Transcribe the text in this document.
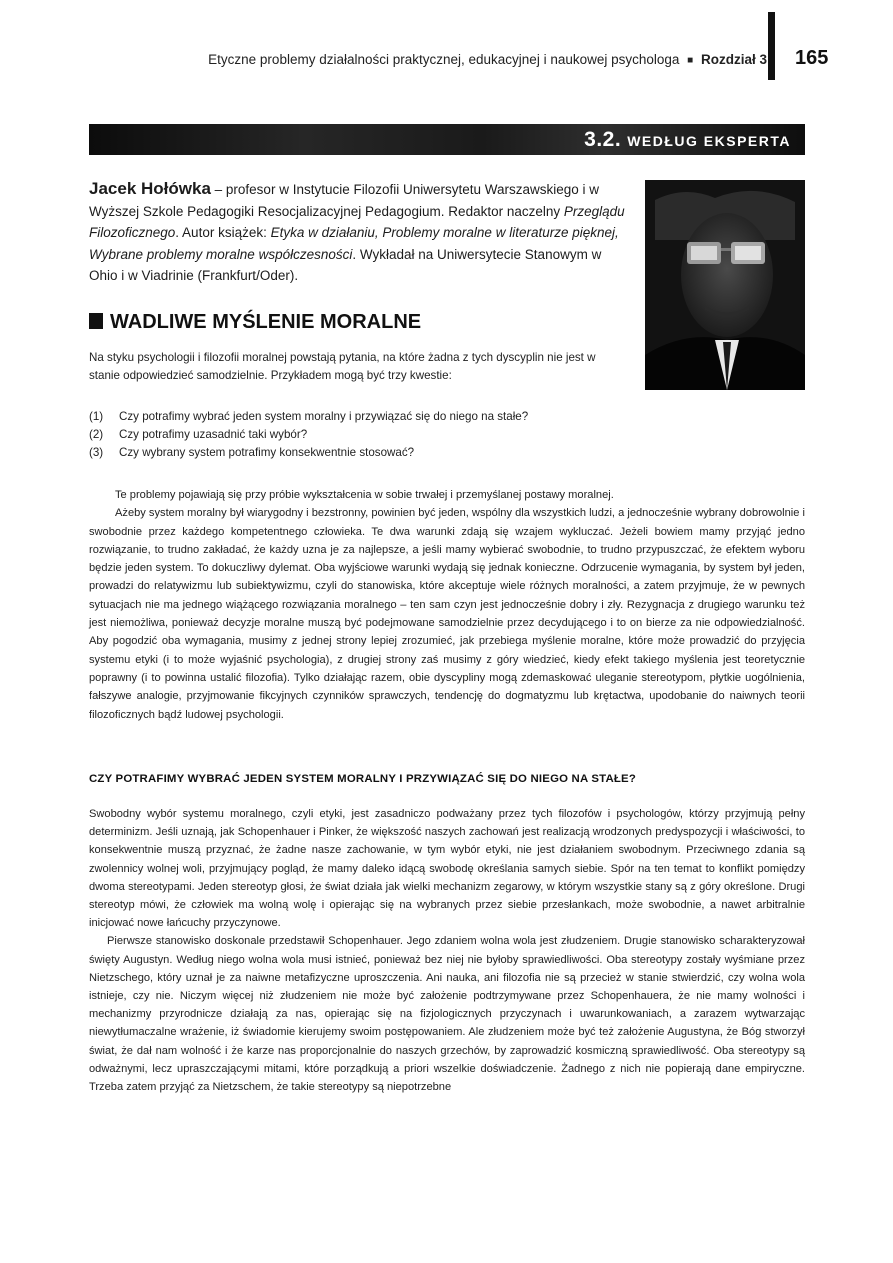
Etyczne problemy działalności praktycznej, edukacyjnej i naukowej psychologa ■ Rozdział 3 165
3.2. WEDŁUG EKSPERTA
Jacek Hołówka – profesor w Instytucie Filozofii Uniwersytetu Warszawskiego i w Wyższej Szkole Pedagogiki Resocjalizacyjnej Pedagogium. Redaktor naczelny Przeglądu Filozoficznego. Autor książek: Etyka w działaniu, Problemy moralne w literaturze pięknej, Wybrane problemy moralne współczesności. Wykładał na Uniwersytecie Stanowym w Ohio i w Viadrinie (Frankfurt/Oder).
WADLIWE MYŚLENIE MORALNE
Na styku psychologii i filozofii moralnej powstają pytania, na które żadna z tych dyscyplin nie jest w stanie odpowiedzieć samodzielnie. Przykładem mogą być trzy kwestie:
(1)	Czy potrafimy wybrać jeden system moralny i przywiązać się do niego na stałe?
(2)	Czy potrafimy uzasadnić taki wybór?
(3)	Czy wybrany system potrafimy konsekwentnie stosować?

Te problemy pojawiają się przy próbie wykształcenia w sobie trwałej i przemyślanej postawy moralnej.

Ażeby system moralny był wiarygodny i bezstronny, powinien być jeden, wspólny dla wszystkich ludzi, a jednocześnie wybrany dobrowolnie i swobodnie przez każdego kompetentnego człowieka. Te dwa warunki zdają się wzajem wykluczać. Jeżeli bowiem mamy przyjąć jedno rozwiązanie, to trudno zakładać, że każdy uzna je za najlepsze, a jeśli mamy wybierać swobodnie, to trudno przypuszczać, że efektem wyboru będzie jeden system. To dokuczliwy dylemat. Oba wyjściowe warunki wydają się jednak konieczne. Odrzucenie wymagania, by system był jeden, prowadzi do relatywizmu lub subiektywizmu, czyli do stanowiska, które akceptuje wiele różnych moralności, a zatem przyjmuje, że w pewnych sytuacjach nie ma jednego wiążącego rozwiązania moralnego – ten sam czyn jest jednocześnie dobry i zły. Rezygnacja z drugiego warunku też jest niemożliwa, ponieważ decyzje moralne muszą być podejmowane samodzielnie przez decydującego i to on bierze za nie odpowiedzialność. Aby pogodzić oba wymagania, musimy z jednej strony lepiej zrozumieć, jak przebiega myślenie moralne, które może prowadzić do przyjęcia systemu etyki (i to może wyjaśnić psychologia), z drugiej strony zaś musimy z góry wiedzieć, kiedy efekt takiego myślenia jest teoretycznie poprawny (i to powinna ustalić filozofia). Tylko działając razem, obie dyscypliny mogą zdemaskować uleganie stereotypom, płytkie uogólnienia, fałszywe analogie, przyjmowanie fikcyjnych czynników sprawczych, tendencję do dogmatyzmu lub krętactwa, upodobanie do naiwnych teorii filozoficznych bądź ludowej psychologii.

CZY POTRAFIMY WYBRAĆ JEDEN SYSTEM MORALNY I PRZYWIĄZAĆ SIĘ DO NIEGO NA STAŁE?

Swobodny wybór systemu moralnego, czyli etyki, jest zasadniczo podważany przez tych filozofów i psychologów, którzy przyjmują pełny determinizm. Jeśli uznają, jak Schopenhauer i Pinker, że większość naszych zachowań jest realizacją wrodzonych predyspozycji i właściwości, to konsekwentnie muszą przyznać, że żadne nasze zachowanie, w tym wybór etyki, nie jest działaniem swobodnym. Przeciwnego zdania są zwolennicy wolnej woli, przyjmujący pogląd, że mamy daleko idącą swobodę określania samych siebie. Spór na ten temat to konflikt pomiędzy dwoma stereotypami. Jeden stereotyp głosi, że świat działa jak wielki mechanizm zegarowy, w którym wszystkie stany są z góry określone. Drugi stereotyp mówi, że człowiek ma wolną wolę i opierając się na wybranych przez siebie przesłankach, może swobodnie, a nawet arbitralnie inicjować nowe łańcuchy przyczynowe.

Pierwsze stanowisko doskonale przedstawił Schopenhauer. Jego zdaniem wolna wola jest złudzeniem. Drugie stanowisko scharakteryzował święty Augustyn. Według niego wolna wola musi istnieć, ponieważ bez niej nie byłoby sprawiedliwości. Oba stereotypy zostały wyśmiane przez Nietzschego, który uznał je za naiwne metafizyczne uproszczenia. Ani nauka, ani filozofia nie są przecież w stanie stwierdzić, czy wolna wola istnieje, czy nie. Niczym więcej niż złudzeniem nie może być założenie podtrzymywane przez Schopenhauera, że nie mamy wolności i mechanizmy przyrodnicze działają za nas, opierając się na fizjologicznych przyczynach i uwarunkowaniach, a zarazem wytwarzając niewytłumaczalne wrażenie, iż świadomie kierujemy swoim postępowaniem. Ale złudzeniem może być też założenie Augustyna, że Bóg stworzył świat, że dał nam wolność i że karze nas proporcjonalnie do naszych grzechów, by zaprowadzić kosmiczną sprawiedliwość. Oba stereotypy są odważnymi, lecz upraszczającymi mitami, które porządkują a priori wszelkie doświadczenie. Żadnego z nich nie popierają dane empiryczne. Trzeba zatem przyjąć za Nietzschem, że takie stereotypy są niepotrzebne
